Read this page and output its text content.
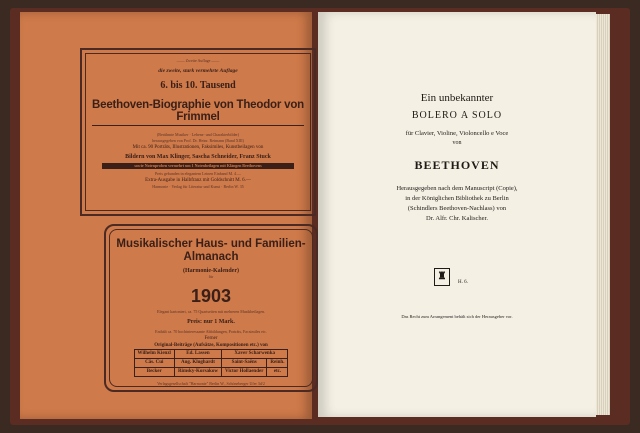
—— Zweite Auflage ——
die zweite, stark vermehrte Auflage
6. bis 10. Tausend
Beethoven-Biographie von Theodor von Frimmel
(Berühmte Musiker · Lebens- und Charakterbilder)
herausgegeben von Prof. Dr. Heinr. Reimann (Band XIII)
Mit ca. 90 Porträts, Illustrationen, Faksimiles, Kunstbeilagen von
Bildern von Max Klinger, Sascha Schneider, Franz Stuck
sowie Notenproben vermehrt um 1 Notenbeilagen mit Klängen Beethovens
Preis gebunden in elegantem Leinen Einband M. 4.—
Extra-Ausgabe in Halbfranz mit Goldschnitt M. 6.—
Harmonie · Verlag für Literatur und Kunst · Berlin W. 35
Musikalischer Haus- und Familien-Almanach
(Harmonie-Kalender)
für
1903
Elegant kartoniert, ca. 75 Quartseiten mit mehreren Musikbeilagen.
Preis: nur 1 Mark.
Enthält ca. 70 hochinteressante Abbildungen, Porträts, Facsimiles etc.
Ferner
Original-Beiträge (Aufsätze, Kompositionen etc.) von
Wilhelm Kienzl	Ed. Lassen	Xaver Scharwenka	
Cäs. Cui	Aug. Klughardt	Saint-Saëns	Reinh.
Becker	Rimsky-Korsakow	Victor Hollaender	etc.
Verlagsgesellschaft "Harmonie" Berlin W., Schöneberger Ufer 3d/2
Ein unbekannter
BOLERO A SOLO
für Clavier, Violine, Violoncello e Voce
von
BEETHOVEN
Herausgegeben nach dem Manuscript (Copie),
in der Königlichen Bibliothek zu Berlin
(Schindlers Beethoven-Nachlass) von
Dr. Alfr. Chr. Kalischer.
♜
H. 6.
Das Recht zum Arrangement behält sich der Herausgeber vor.
